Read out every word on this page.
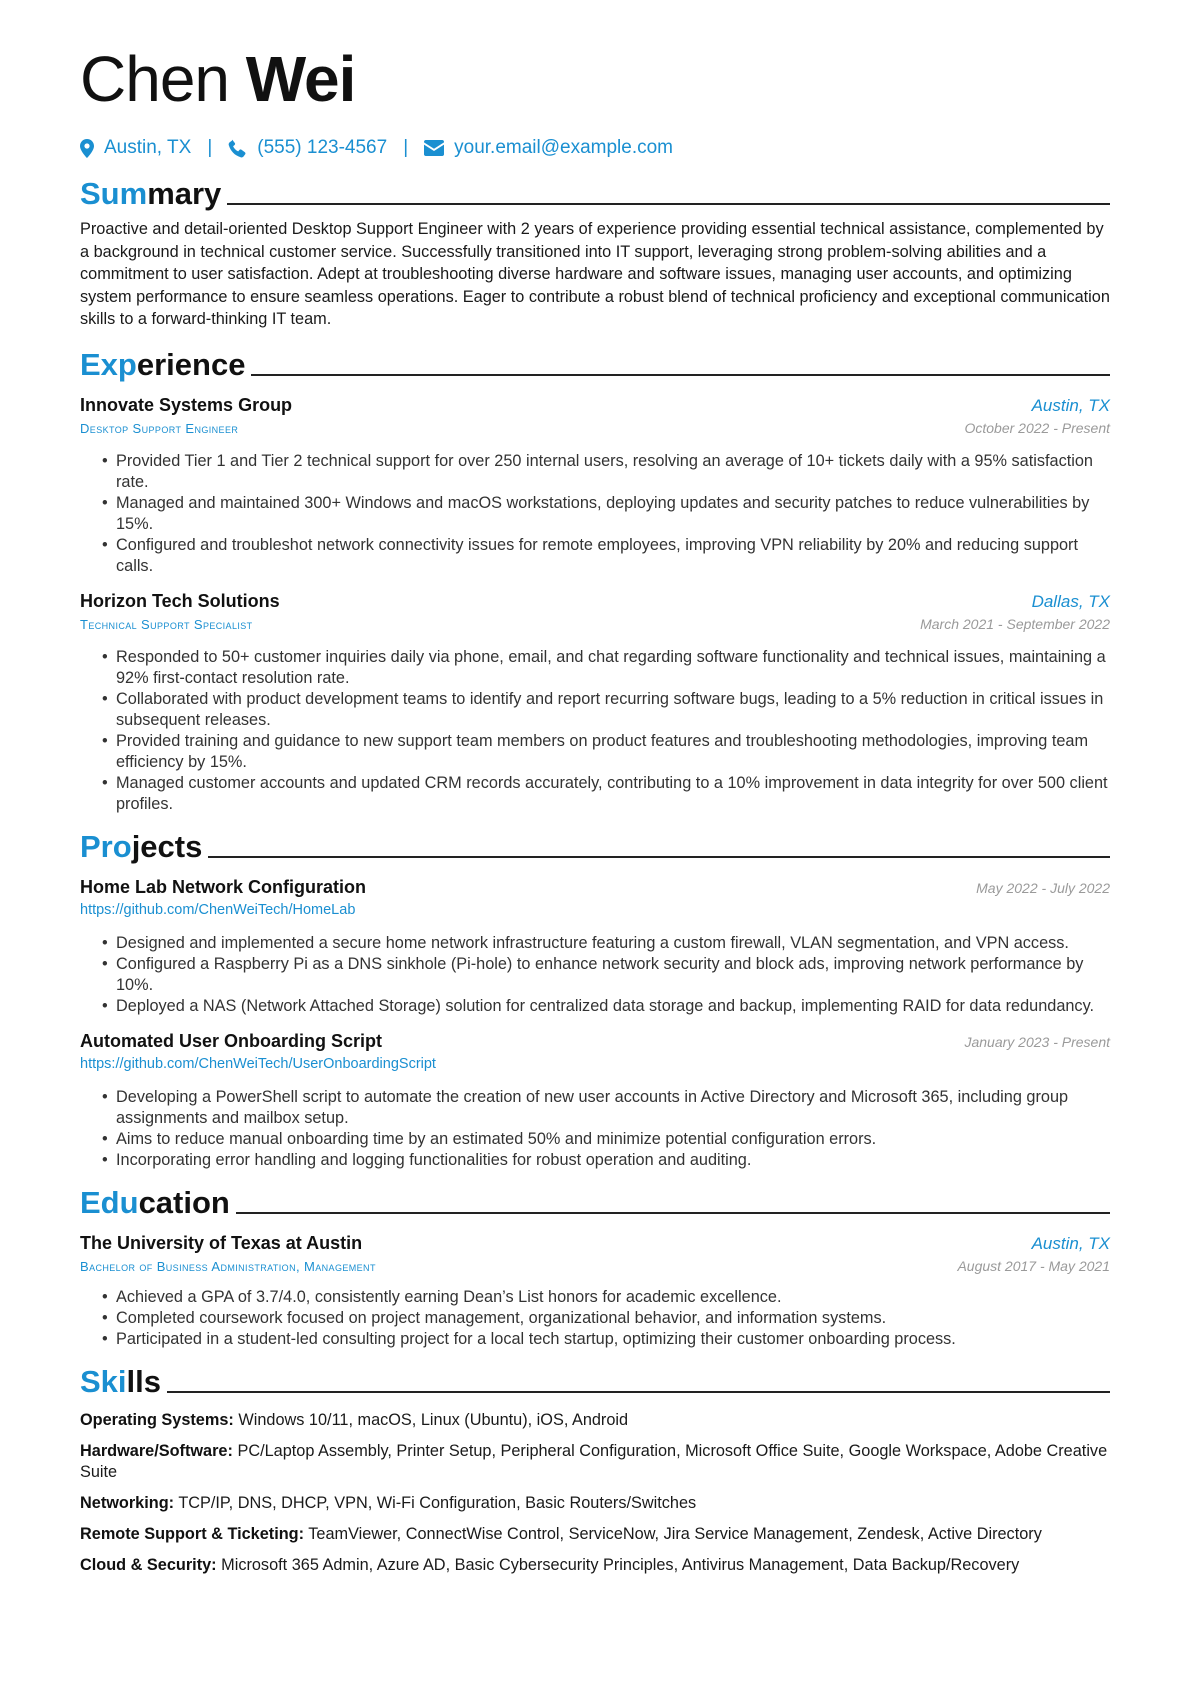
Chen Wei
Austin, TX | (555) 123-4567 | your.email@example.com
Summary

Proactive and detail-oriented Desktop Support Engineer with 2 years of experience providing essential technical assistance, complemented by a background in technical customer service. Successfully transitioned into IT support, leveraging strong problem-solving abilities and a commitment to user satisfaction. Adept at troubleshooting diverse hardware and software issues, managing user accounts, and optimizing system performance to ensure seamless operations. Eager to contribute a robust blend of technical proficiency and exceptional communication skills to a forward-thinking IT team.

Experience
Innovate Systems Group	Austin, TX
Desktop Support Engineer	October 2022 - Present
• Provided Tier 1 and Tier 2 technical support for over 250 internal users, resolving an average of 10+ tickets daily with a 95% satisfaction rate.
• Managed and maintained 300+ Windows and macOS workstations, deploying updates and security patches to reduce vulnerabilities by 15%.
• Configured and troubleshot network connectivity issues for remote employees, improving VPN reliability by 20% and reducing support calls.
Horizon Tech Solutions	Dallas, TX
Technical Support Specialist	March 2021 - September 2022
• Responded to 50+ customer inquiries daily via phone, email, and chat regarding software functionality and technical issues, maintaining a 92% first-contact resolution rate.
• Collaborated with product development teams to identify and report recurring software bugs, leading to a 5% reduction in critical issues in subsequent releases.
• Provided training and guidance to new support team members on product features and troubleshooting methodologies, improving team efficiency by 15%.
• Managed customer accounts and updated CRM records accurately, contributing to a 10% improvement in data integrity for over 500 client profiles.
Projects
Home Lab Network Configuration	May 2022 - July 2022
https://github.com/ChenWeiTech/HomeLab
• Designed and implemented a secure home network infrastructure featuring a custom firewall, VLAN segmentation, and VPN access.
• Configured a Raspberry Pi as a DNS sinkhole (Pi-hole) to enhance network security and block ads, improving network performance by 10%.
• Deployed a NAS (Network Attached Storage) solution for centralized data storage and backup, implementing RAID for data redundancy.
Automated User Onboarding Script	January 2023 - Present
https://github.com/ChenWeiTech/UserOnboardingScript
• Developing a PowerShell script to automate the creation of new user accounts in Active Directory and Microsoft 365, including group assignments and mailbox setup.
• Aims to reduce manual onboarding time by an estimated 50% and minimize potential configuration errors.
• Incorporating error handling and logging functionalities for robust operation and auditing.
Education
The University of Texas at Austin	Austin, TX
Bachelor of Business Administration, Management	August 2017 - May 2021
• Achieved a GPA of 3.7/4.0, consistently earning Dean’s List honors for academic excellence.
• Completed coursework focused on project management, organizational behavior, and information systems.
• Participated in a student-led consulting project for a local tech startup, optimizing their customer onboarding process.
Skills
Operating Systems: Windows 10/11, macOS, Linux (Ubuntu), iOS, Android
Hardware/Software: PC/Laptop Assembly, Printer Setup, Peripheral Configuration, Microsoft Office Suite, Google Workspace, Adobe Creative Suite
Networking: TCP/IP, DNS, DHCP, VPN, Wi-Fi Configuration, Basic Routers/Switches
Remote Support & Ticketing: TeamViewer, ConnectWise Control, ServiceNow, Jira Service Management, Zendesk, Active Directory
Cloud & Security: Microsoft 365 Admin, Azure AD, Basic Cybersecurity Principles, Antivirus Management, Data Backup/Recovery
